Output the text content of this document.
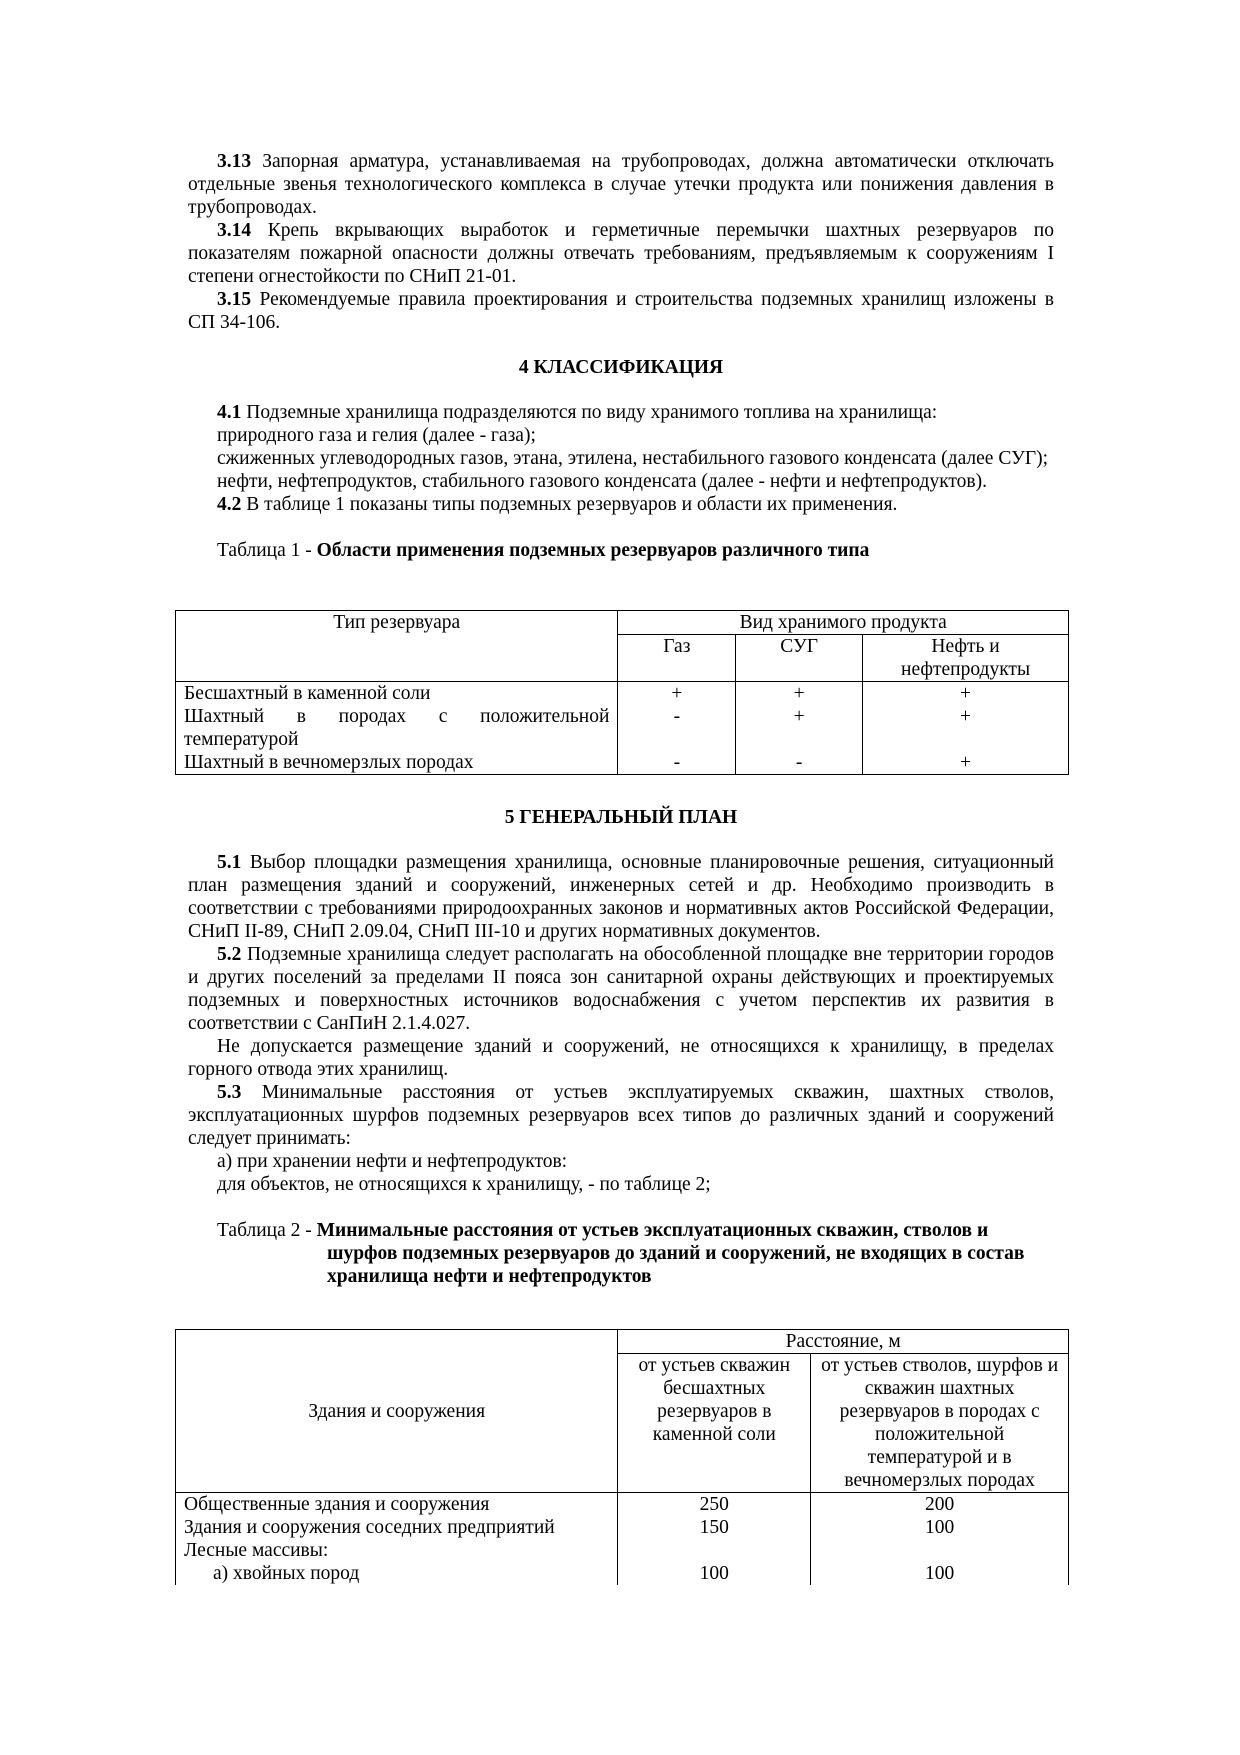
3.13 Запорная арматура, устанавливаемая на трубопроводах, должна автоматически отключать отдельные звенья технологического комплекса в случае утечки продукта или понижения давления в трубопроводах.

3.14 Крепь вкрывающих выработок и герметичные перемычки шахтных резервуаров по показателям пожарной опасности должны отвечать требованиям, предъявляемым к сооружениям I степени огнестойкости по СНиП 21-01.

3.15 Рекомендуемые правила проектирования и строительства подземных хранилищ изложены в СП 34-106.

4 КЛАССИФИКАЦИЯ

4.1 Подземные хранилища подразделяются по виду хранимого топлива на хранилища:

природного газа и гелия (далее - газа);

сжиженных углеводородных газов, этана, этилена, нестабильного газового конденсата (далее СУГ);

нефти, нефтепродуктов, стабильного газового конденсата (далее - нефти и нефтепродуктов).

4.2 В таблице 1 показаны типы подземных резервуаров и области их применения.

Таблица 1 - Области применения подземных резервуаров различного типа

Тип резервуара	Вид хранимого продукта		
	Газ	СУГ	Нефть и нефтепродукты
Бесшахтный в каменной соли	+	+	+

Шахтный в породах с положительной температурой	-	+	+
Шахтный в вечномерзлых породах	-	-	+

5 ГЕНЕРАЛЬНЫЙ ПЛАН

5.1 Выбор площадки размещения хранилища, основные планировочные решения, ситуационный план размещения зданий и сооружений, инженерных сетей и др. Необходимо производить в соответствии с требованиями природоохранных законов и нормативных актов Российской Федерации, СНиП II-89, СНиП 2.09.04, СНиП III-10 и других нормативных документов.

5.2 Подземные хранилища следует располагать на обособленной площадке вне территории городов и других поселений за пределами II пояса зон санитарной охраны действующих и проектируемых подземных и поверхностных источников водоснабжения с учетом перспектив их развития в соответствии с СанПиН 2.1.4.027.

Не допускается размещение зданий и сооружений, не относящихся к хранилищу, в пределах горного отвода этих хранилищ.

5.3 Минимальные расстояния от устьев эксплуатируемых скважин, шахтных стволов, эксплуатационных шурфов подземных резервуаров всех типов до различных зданий и сооружений следует принимать:

а) при хранении нефти и нефтепродуктов:

для объектов, не относящихся к хранилищу, - по таблице 2;

Таблица 2 - Минимальные расстояния от устьев эксплуатационных скважин, стволов и шурфов подземных резервуаров до зданий и сооружений, не входящих в состав хранилища нефти и нефтепродуктов

Здания и сооружения	Расстояние, м	
	от устьев скважин бесшахтных резервуаров в каменной соли	от устьев стволов, шурфов и скважин шахтных резервуаров в породах с положительной температурой и в вечномерзлых породах
Общественные здания и сооружения	250	200
Здания и сооружения соседних предприятий	150	100
Лесные массивы:		
а) хвойных пород	100	100
